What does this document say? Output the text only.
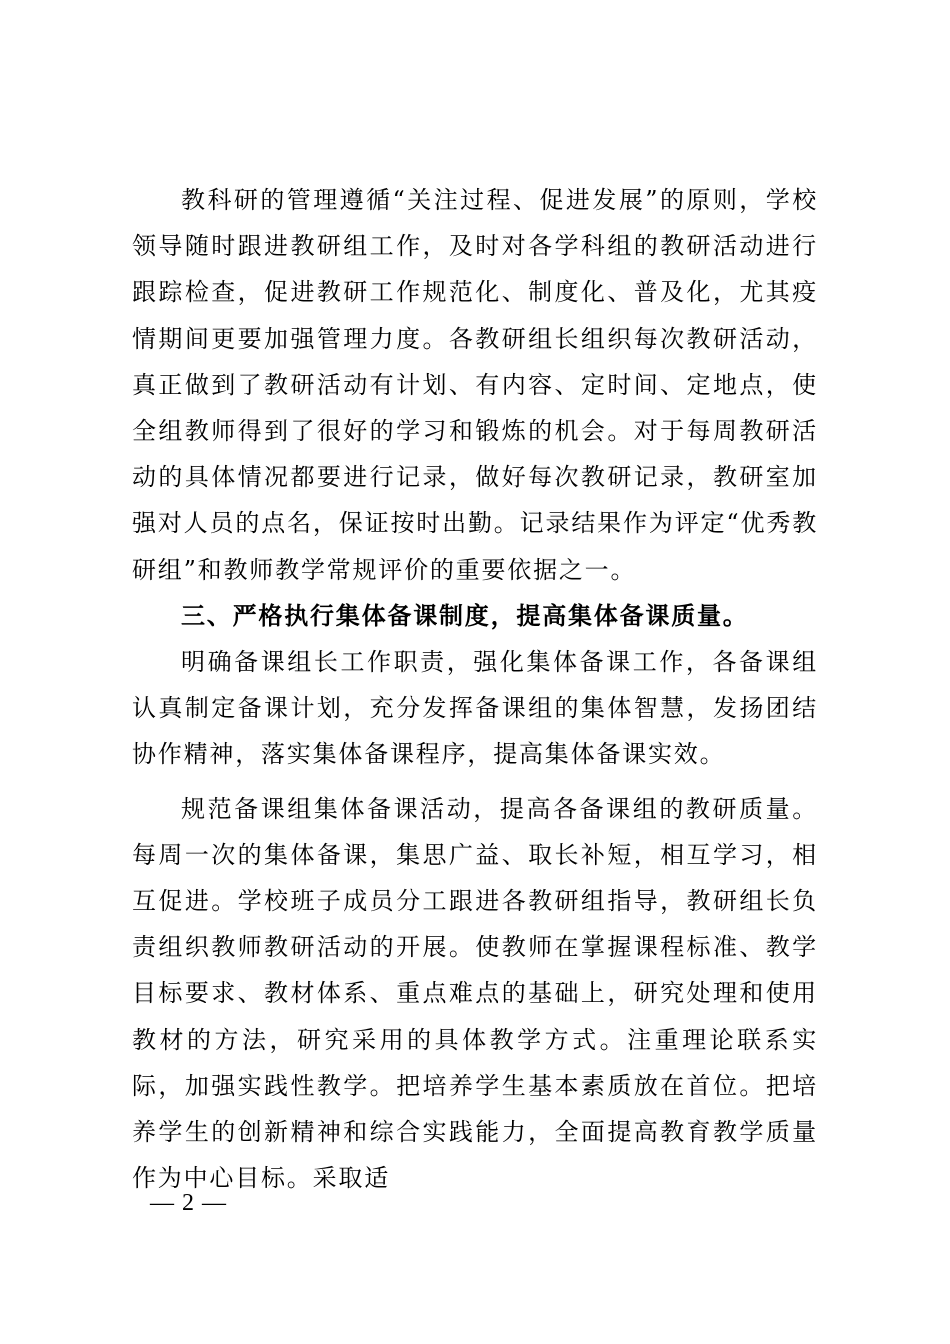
教科研的管理遵循“关注过程、促进发展”的原则，学校领导随时跟进教研组工作，及时对各学科组的教研活动进行跟踪检查，促进教研工作规范化、制度化、普及化，尤其疫情期间更要加强管理力度。各教研组长组织每次教研活动，真正做到了教研活动有计划、有内容、定时间、定地点，使全组教师得到了很好的学习和锻炼的机会。对于每周教研活动的具体情况都要进行记录，做好每次教研记录，教研室加强对人员的点名，保证按时出勤。记录结果作为评定“优秀教研组”和教师教学常规评价的重要依据之一。

三、严格执行集体备课制度，提高集体备课质量。

明确备课组长工作职责，强化集体备课工作，各备课组认真制定备课计划，充分发挥备课组的集体智慧，发扬团结协作精神，落实集体备课程序，提高集体备课实效。

规范备课组集体备课活动，提高各备课组的教研质量。每周一次的集体备课，集思广益、取长补短，相互学习，相互促进。学校班子成员分工跟进各教研组指导，教研组长负责组织教师教研活动的开展。使教师在掌握课程标准、教学目标要求、教材体系、重点难点的基础上，研究处理和使用教材的方法，研究采用的具体教学方式。注重理论联系实际，加强实践性教学。把培养学生基本素质放在首位。把培养学生的创新精神和综合实践能力，全面提高教育教学质量作为中心目标。采取适

— 2 —
